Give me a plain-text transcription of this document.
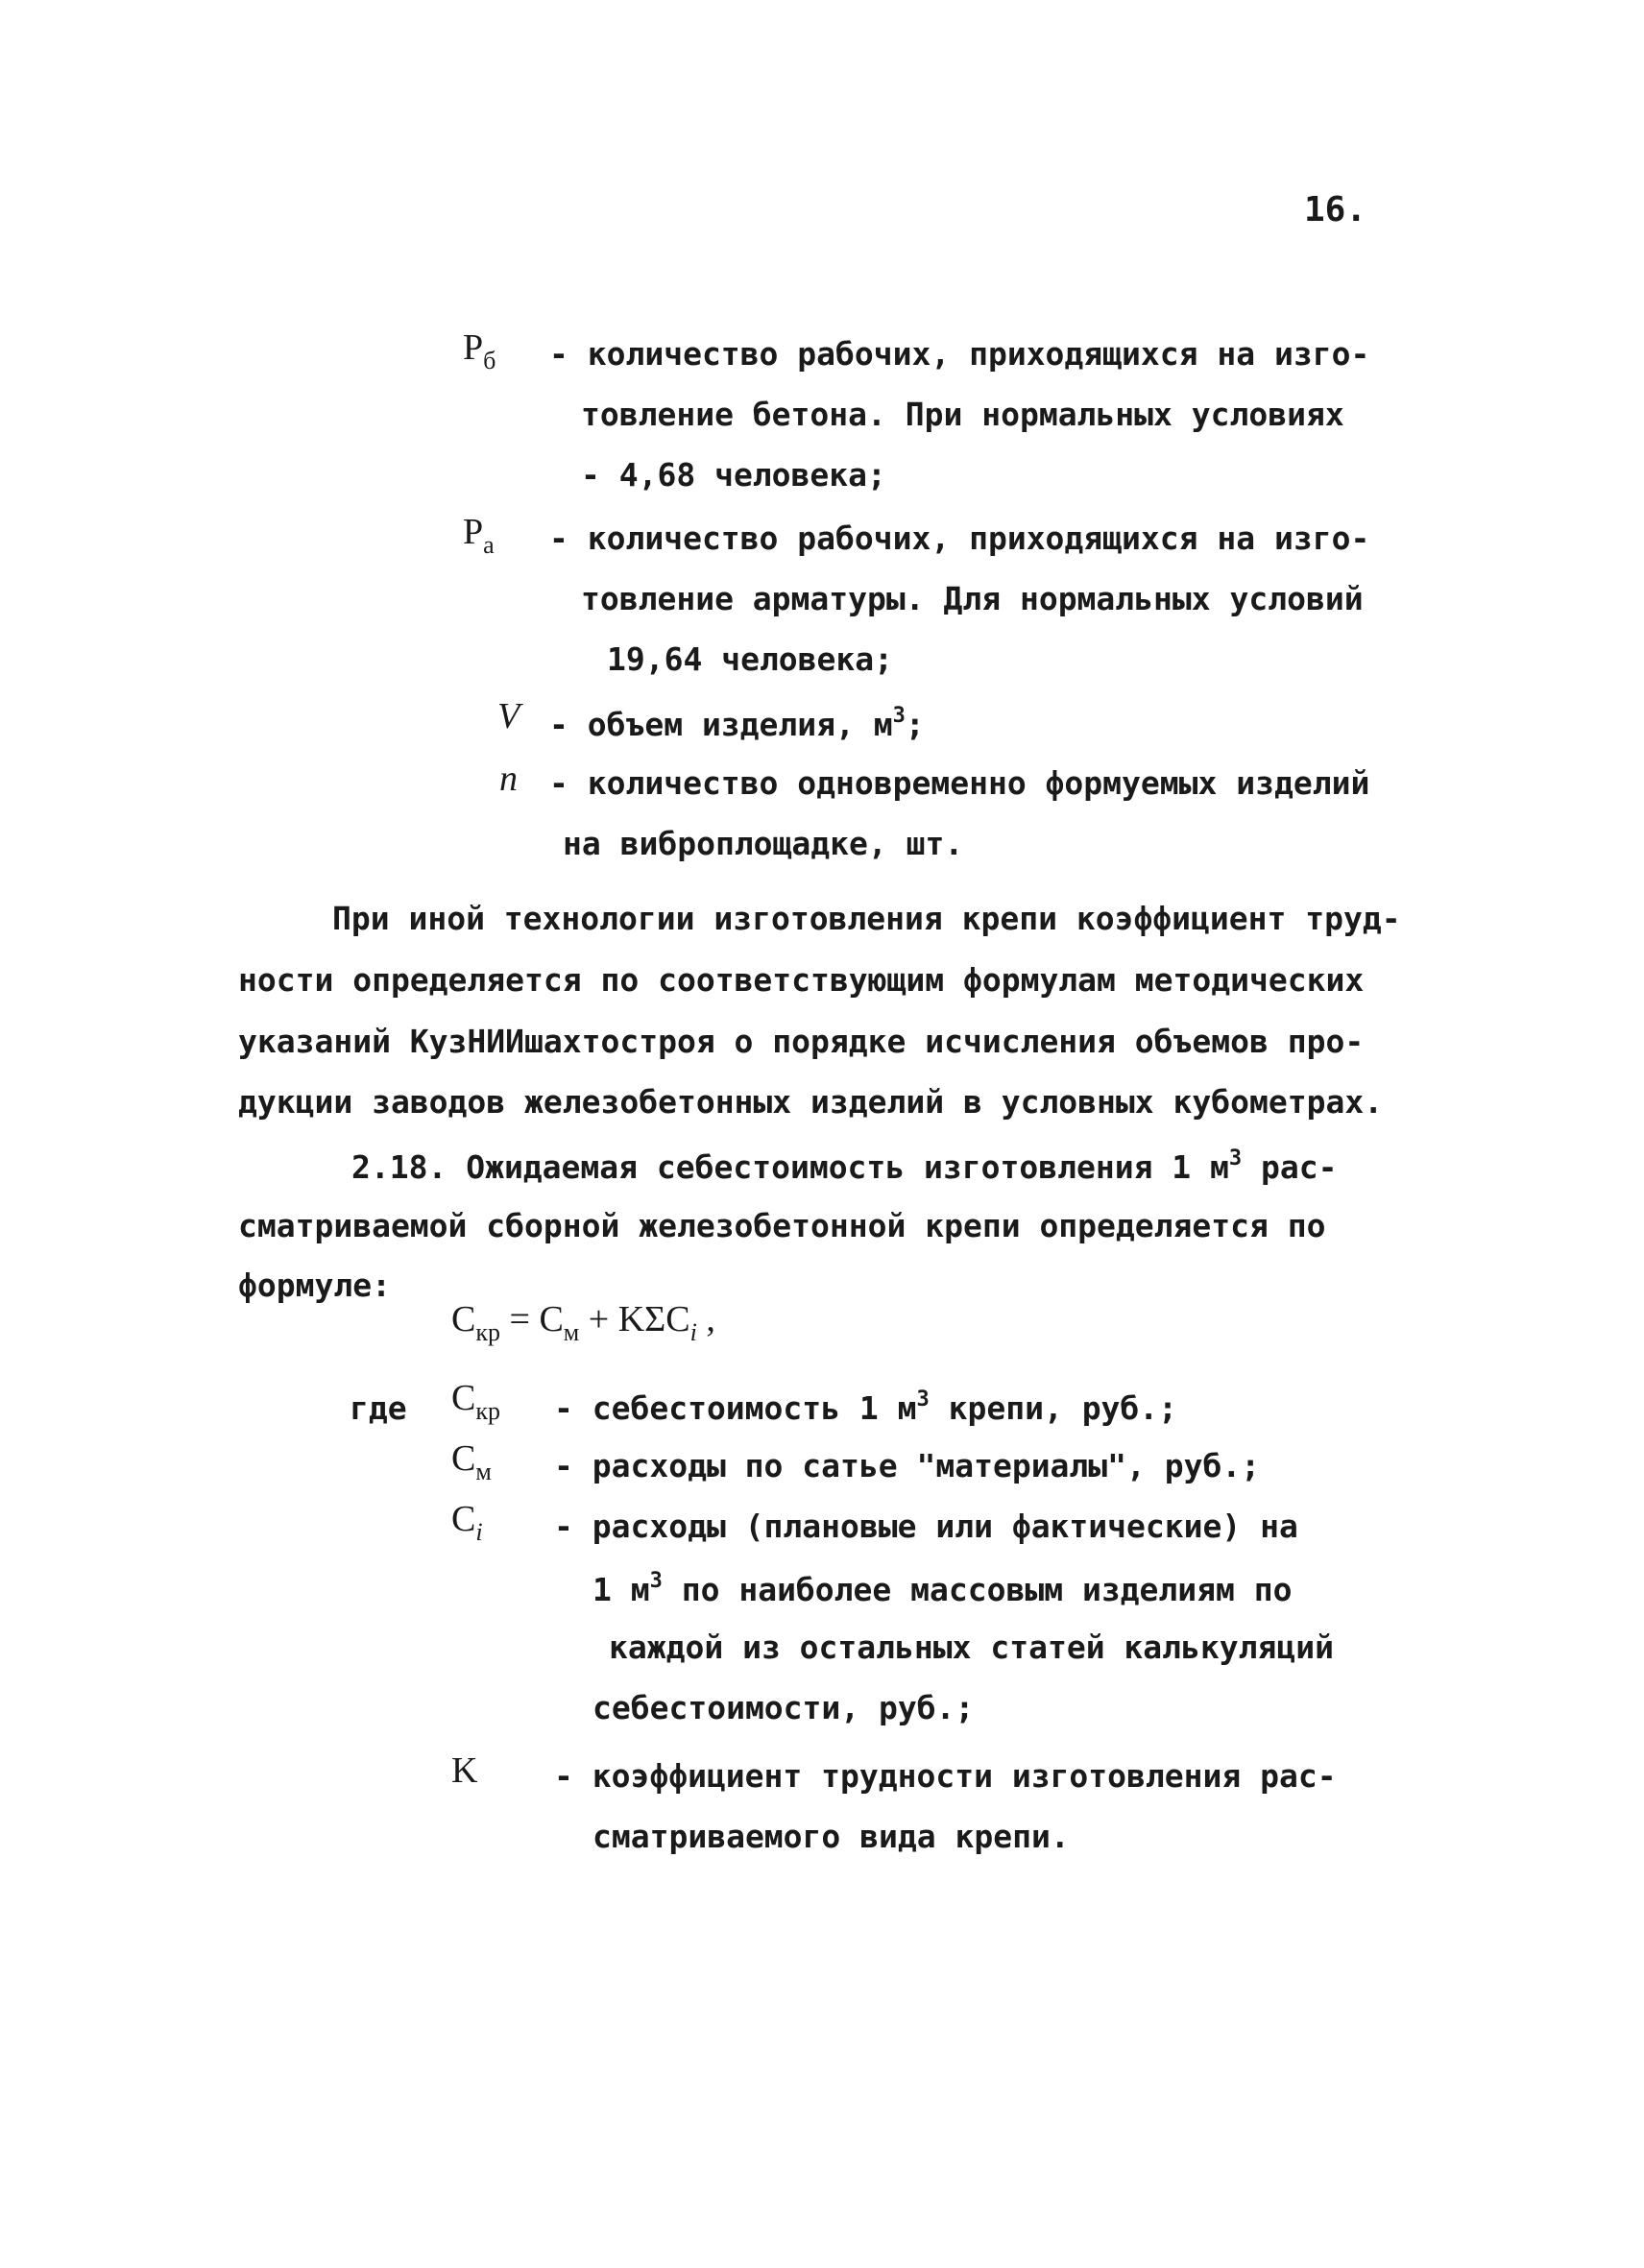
16.
$P_б$ - количество рабочих, приходящихся на изго-
товление бетона. При нормальных условиях
- 4,68 человека;
$P_а$ - количество рабочих, приходящихся на изго-
товление арматуры. Для нормальных условий
19,64 человека;
V - объем изделия, $м^3$;
n - количество одновременно формуемых изделий
на виброплощадке, шт.
При иной технологии изготовления крепи коэффициент труд-
ности определяется по соответствующим формулам методических
указаний КузНИИшахтостроя о порядке исчисления объемов про-
дукции заводов железобетонных изделий в условных кубометрах.
2.18. Ожидаемая себестоимость изготовления 1 $м^3$ рас-
сматриваемой сборной железобетонной крепи определяется по
формуле:
$C_{кр} = C_м + K\Sigma C_i$ ,
где $C_{кр}$ - себестоимость 1 $м^3$ крепи, руб.;
$C_м$ - расходы по сатье "материалы", руб.;
$C_i$ - расходы (плановые или фактические) на
1 $м^3$ по наиболее массовым изделиям по
каждой из остальных статей калькуляций
себестоимости, руб.;
K - коэффициент трудности изготовления рас-
сматриваемого вида крепи.
